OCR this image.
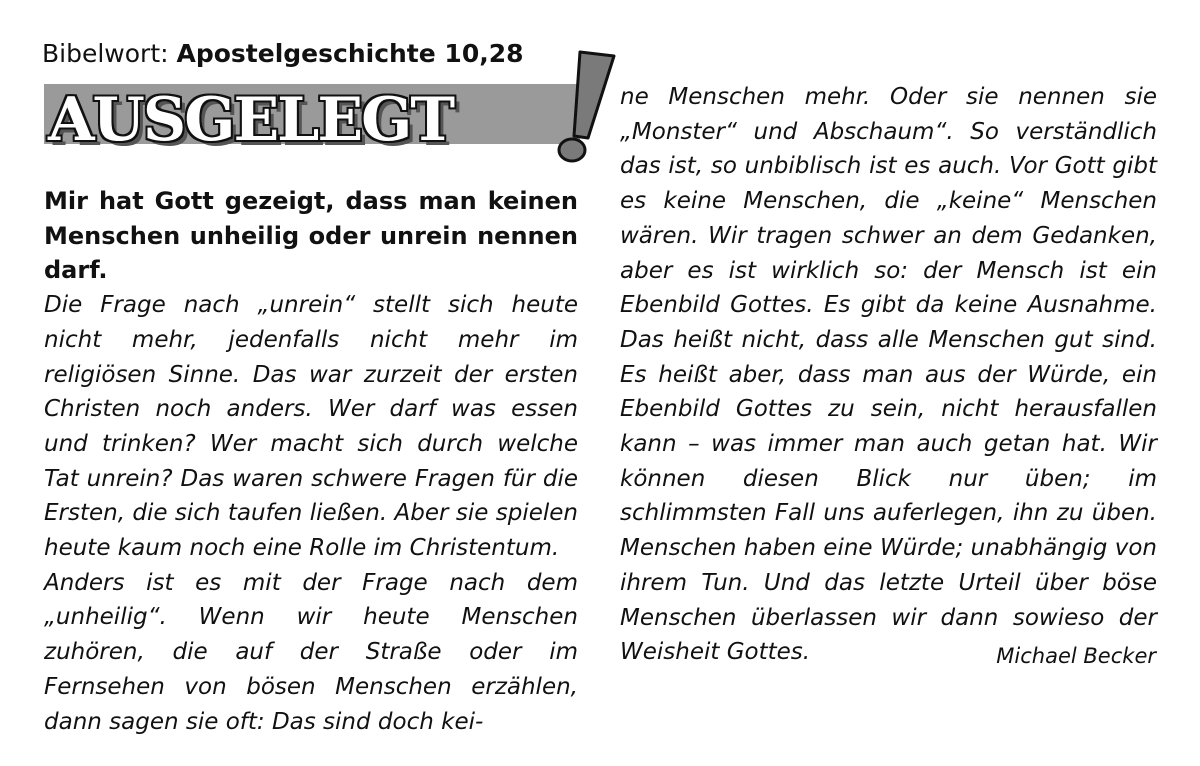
Bibelwort: Apostelgeschichte 10,28
AUSGELEGT

Mir hat Gott gezeigt, dass man keinen Menschen unheilig oder unrein nennen darf.

Die Frage nach „unrein“ stellt sich heute nicht mehr, jedenfalls nicht mehr im religiösen Sinne. Das war zurzeit der ersten Christen noch anders. Wer darf was essen und trinken? Wer macht sich durch welche Tat unrein? Das waren schwere Fragen für die Ersten, die sich taufen ließen. Aber sie spielen heute kaum noch eine Rolle im Christentum.

Anders ist es mit der Frage nach dem „unheilig“. Wenn wir heute Menschen zuhören, die auf der Straße oder im Fernsehen von bösen Menschen erzählen, dann sagen sie oft: Das sind doch kei-

ne Menschen mehr. Oder sie nennen sie „Monster“ und Abschaum“. So verständlich das ist, so unbiblisch ist es auch. Vor Gott gibt es keine Menschen, die „keine“ Menschen wären. Wir tragen schwer an dem Gedanken, aber es ist wirklich so: der Mensch ist ein Ebenbild Gottes. Es gibt da keine Ausnahme. Das heißt nicht, dass alle Menschen gut sind. Es heißt aber, dass man aus der Würde, ein Ebenbild Gottes zu sein, nicht herausfallen kann – was immer man auch getan hat. Wir können diesen Blick nur üben; im schlimmsten Fall uns auferlegen, ihn zu üben. Menschen haben eine Würde; unabhängig von ihrem Tun. Und das letzte Urteil über böse Menschen überlassen wir dann sowieso der Weisheit Gottes.	Michael Becker
